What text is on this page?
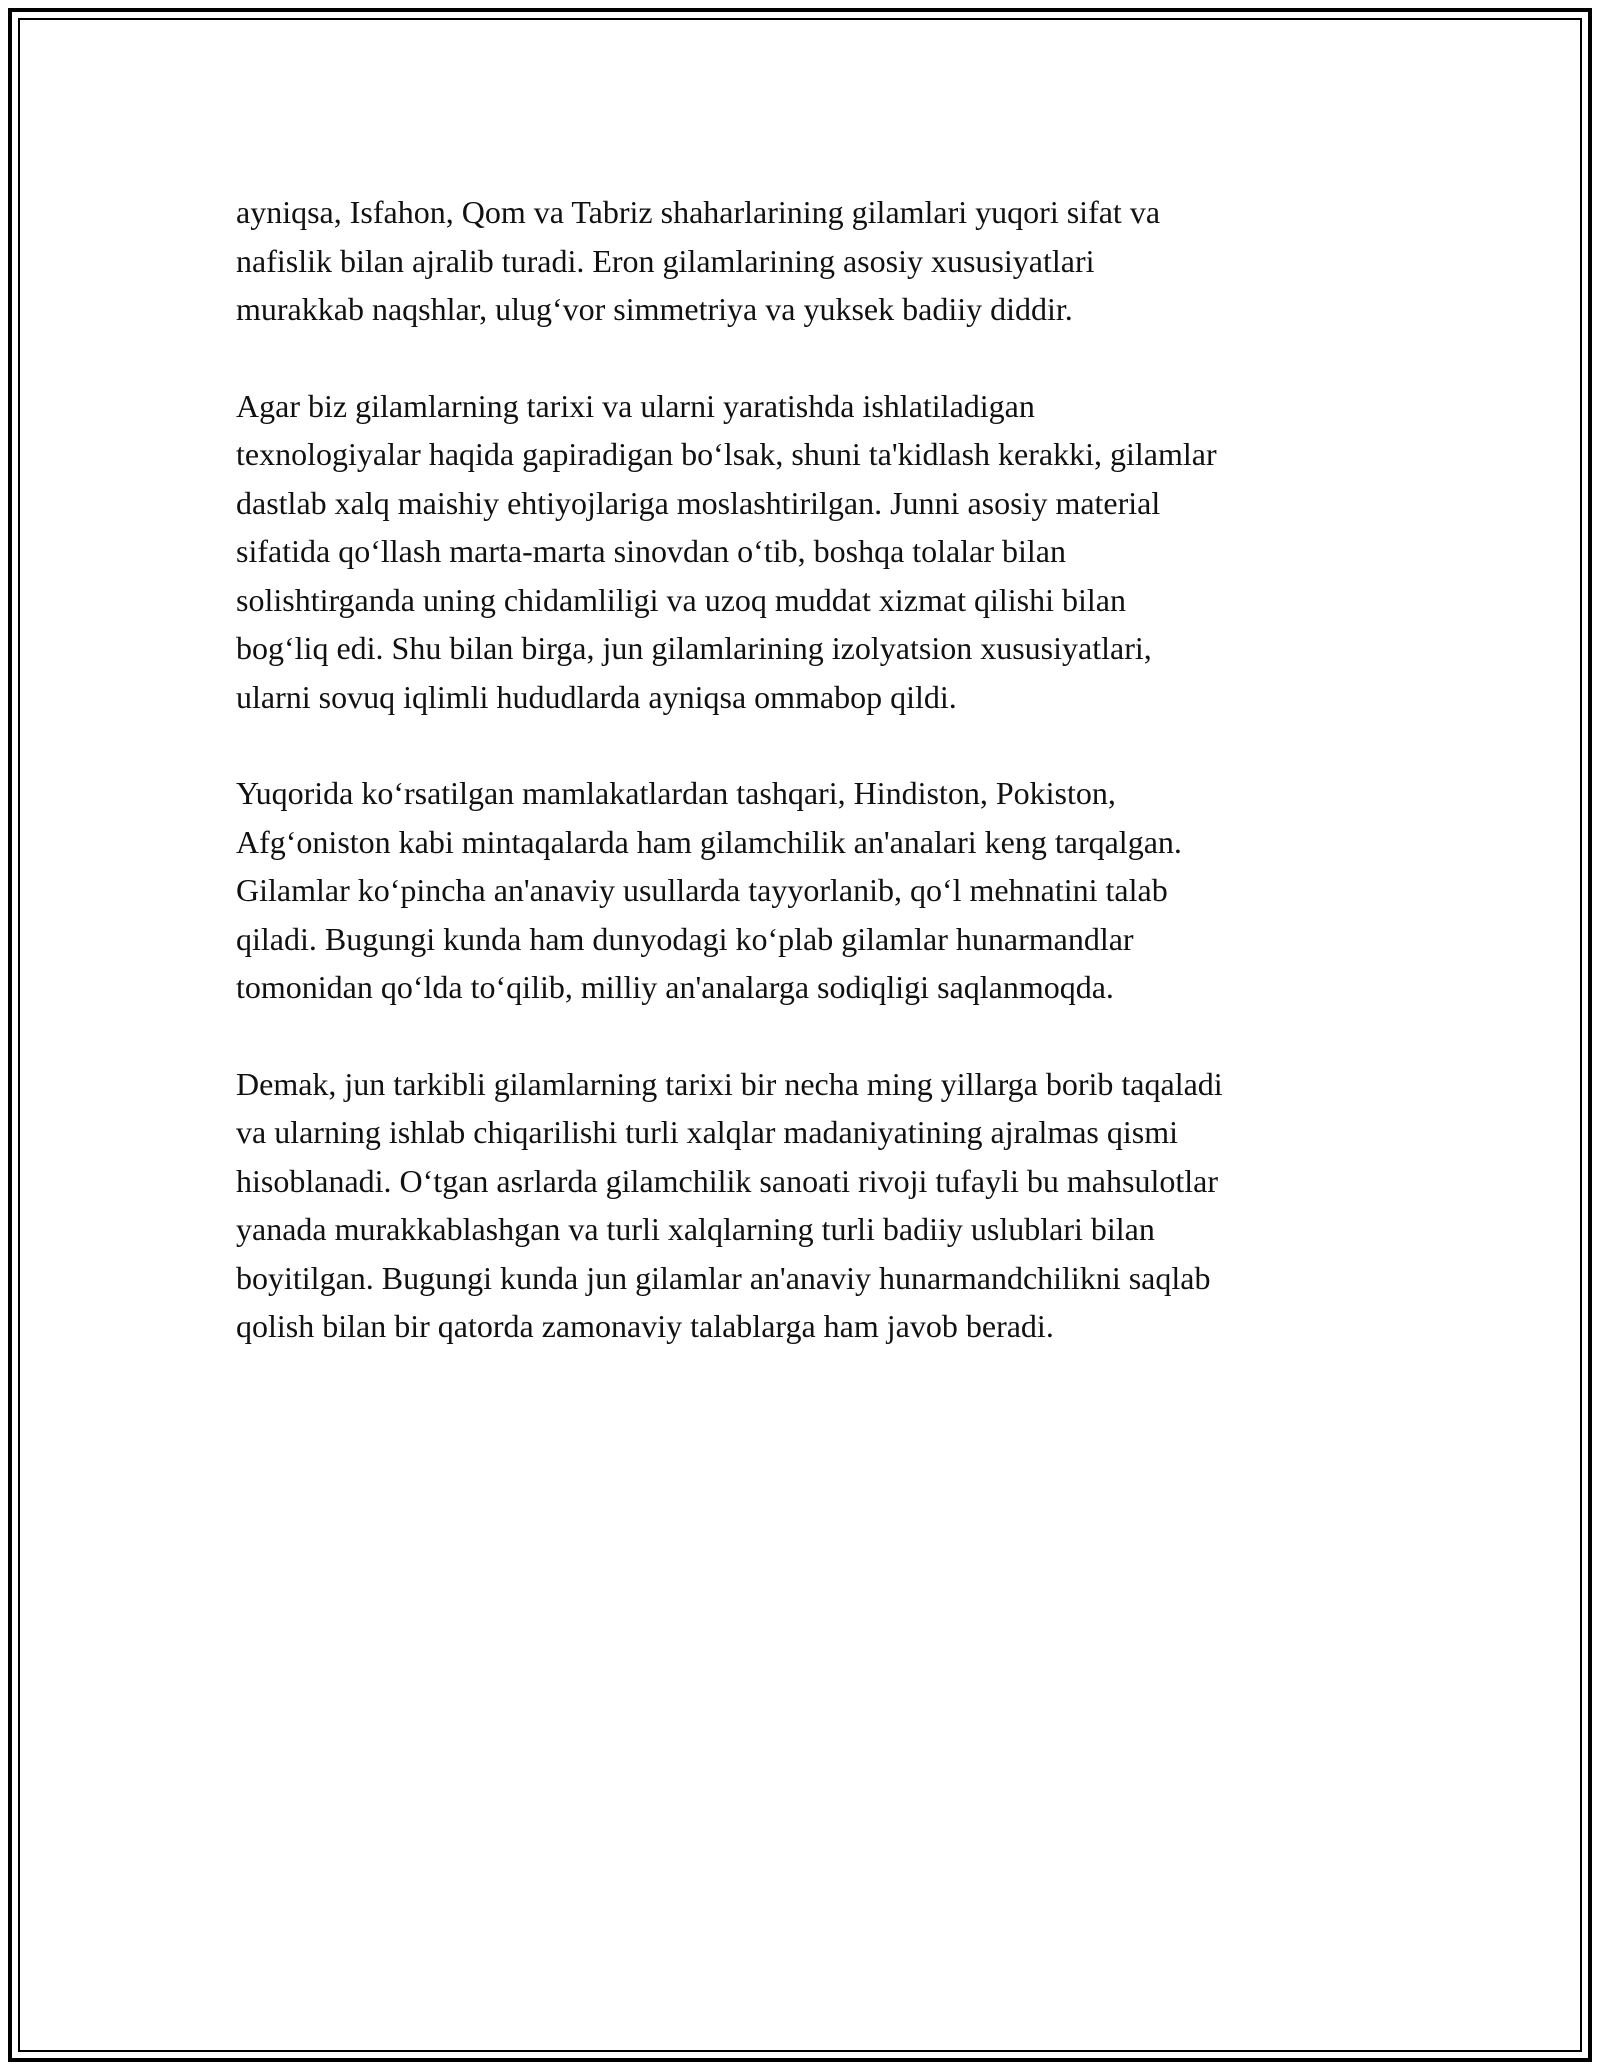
ayniqsa, Isfahon, Qom va Tabriz shaharlarining gilamlari yuqori sifat va
nafislik bilan ajralib turadi. Eron gilamlarining asosiy xususiyatlari
murakkab naqshlar, ulug‘vor simmetriya va yuksek badiiy diddir.

Agar biz gilamlarning tarixi va ularni yaratishda ishlatiladigan
texnologiyalar haqida gapiradigan bo‘lsak, shuni ta'kidlash kerakki, gilamlar
dastlab xalq maishiy ehtiyojlariga moslashtirilgan. Junni asosiy material
sifatida qo‘llash marta-marta sinovdan o‘tib, boshqa tolalar bilan
solishtirganda uning chidamliligi va uzoq muddat xizmat qilishi bilan
bog‘liq edi. Shu bilan birga, jun gilamlarining izolyatsion xususiyatlari,
ularni sovuq iqlimli hududlarda ayniqsa ommabop qildi.

Yuqorida ko‘rsatilgan mamlakatlardan tashqari, Hindiston, Pokiston,
Afg‘oniston kabi mintaqalarda ham gilamchilik an'analari keng tarqalgan.
Gilamlar ko‘pincha an'anaviy usullarda tayyorlanib, qo‘l mehnatini talab
qiladi. Bugungi kunda ham dunyodagi ko‘plab gilamlar hunarmandlar
tomonidan qo‘lda to‘qilib, milliy an'analarga sodiqligi saqlanmoqda.

Demak, jun tarkibli gilamlarning tarixi bir necha ming yillarga borib taqaladi
va ularning ishlab chiqarilishi turli xalqlar madaniyatining ajralmas qismi
hisoblanadi. O‘tgan asrlarda gilamchilik sanoati rivoji tufayli bu mahsulotlar
yanada murakkablashgan va turli xalqlarning turli badiiy uslublari bilan
boyitilgan. Bugungi kunda jun gilamlar an'anaviy hunarmandchilikni saqlab
qolish bilan bir qatorda zamonaviy talablarga ham javob beradi.
